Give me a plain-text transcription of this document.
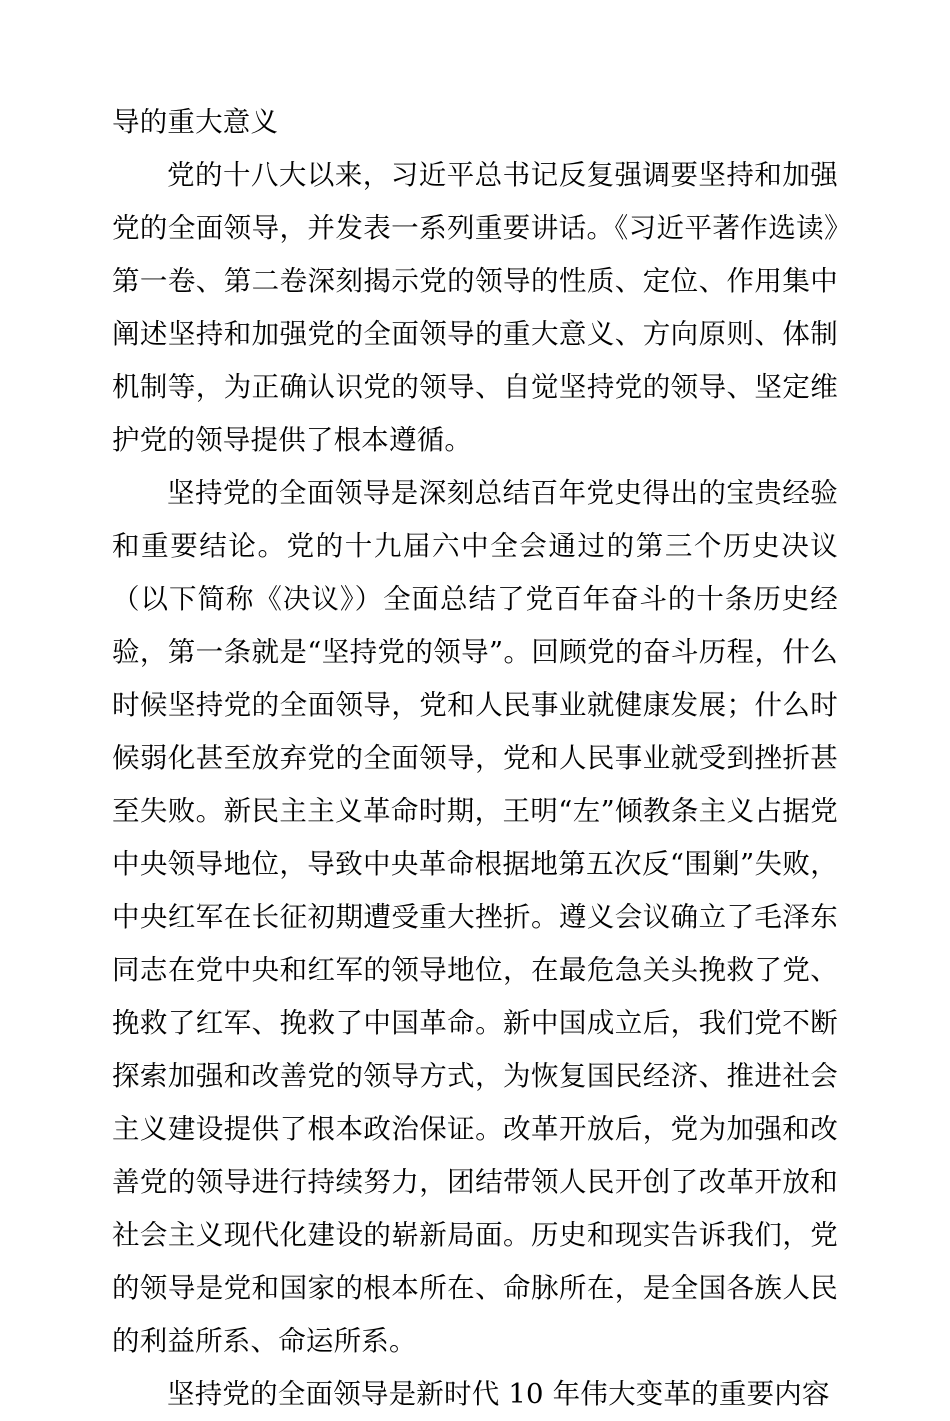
导的重大意义

党的十八大以来，习近平总书记反复强调要坚持和加强党的全面领导，并发表一系列重要讲话。《习近平著作选读》第一卷、第二卷深刻揭示党的领导的性质、定位、作用集中阐述坚持和加强党的全面领导的重大意义、方向原则、体制机制等，为正确认识党的领导、自觉坚持党的领导、坚定维护党的领导提供了根本遵循。

坚持党的全面领导是深刻总结百年党史得出的宝贵经验和重要结论。党的十九届六中全会通过的第三个历史决议（以下简称《决议》）全面总结了党百年奋斗的十条历史经验，第一条就是“坚持党的领导”。回顾党的奋斗历程，什么时候坚持党的全面领导，党和人民事业就健康发展；什么时候弱化甚至放弃党的全面领导，党和人民事业就受到挫折甚至失败。新民主主义革命时期，王明“左”倾教条主义占据党中央领导地位，导致中央革命根据地第五次反“围剿”失败，中央红军在长征初期遭受重大挫折。遵义会议确立了毛泽东同志在党中央和红军的领导地位，在最危急关头挽救了党、挽救了红军、挽救了中国革命。新中国成立后，我们党不断探索加强和改善党的领导方式，为恢复国民经济、推进社会主义建设提供了根本政治保证。改革开放后，党为加强和改善党的领导进行持续努力，团结带领人民开创了改革开放和社会主义现代化建设的崭新局面。历史和现实告诉我们，党的领导是党和国家的根本所在、命脉所在，是全国各族人民的利益所系、命运所系。

坚持党的全面领导是新时代 10 年伟大变革的重要内容
